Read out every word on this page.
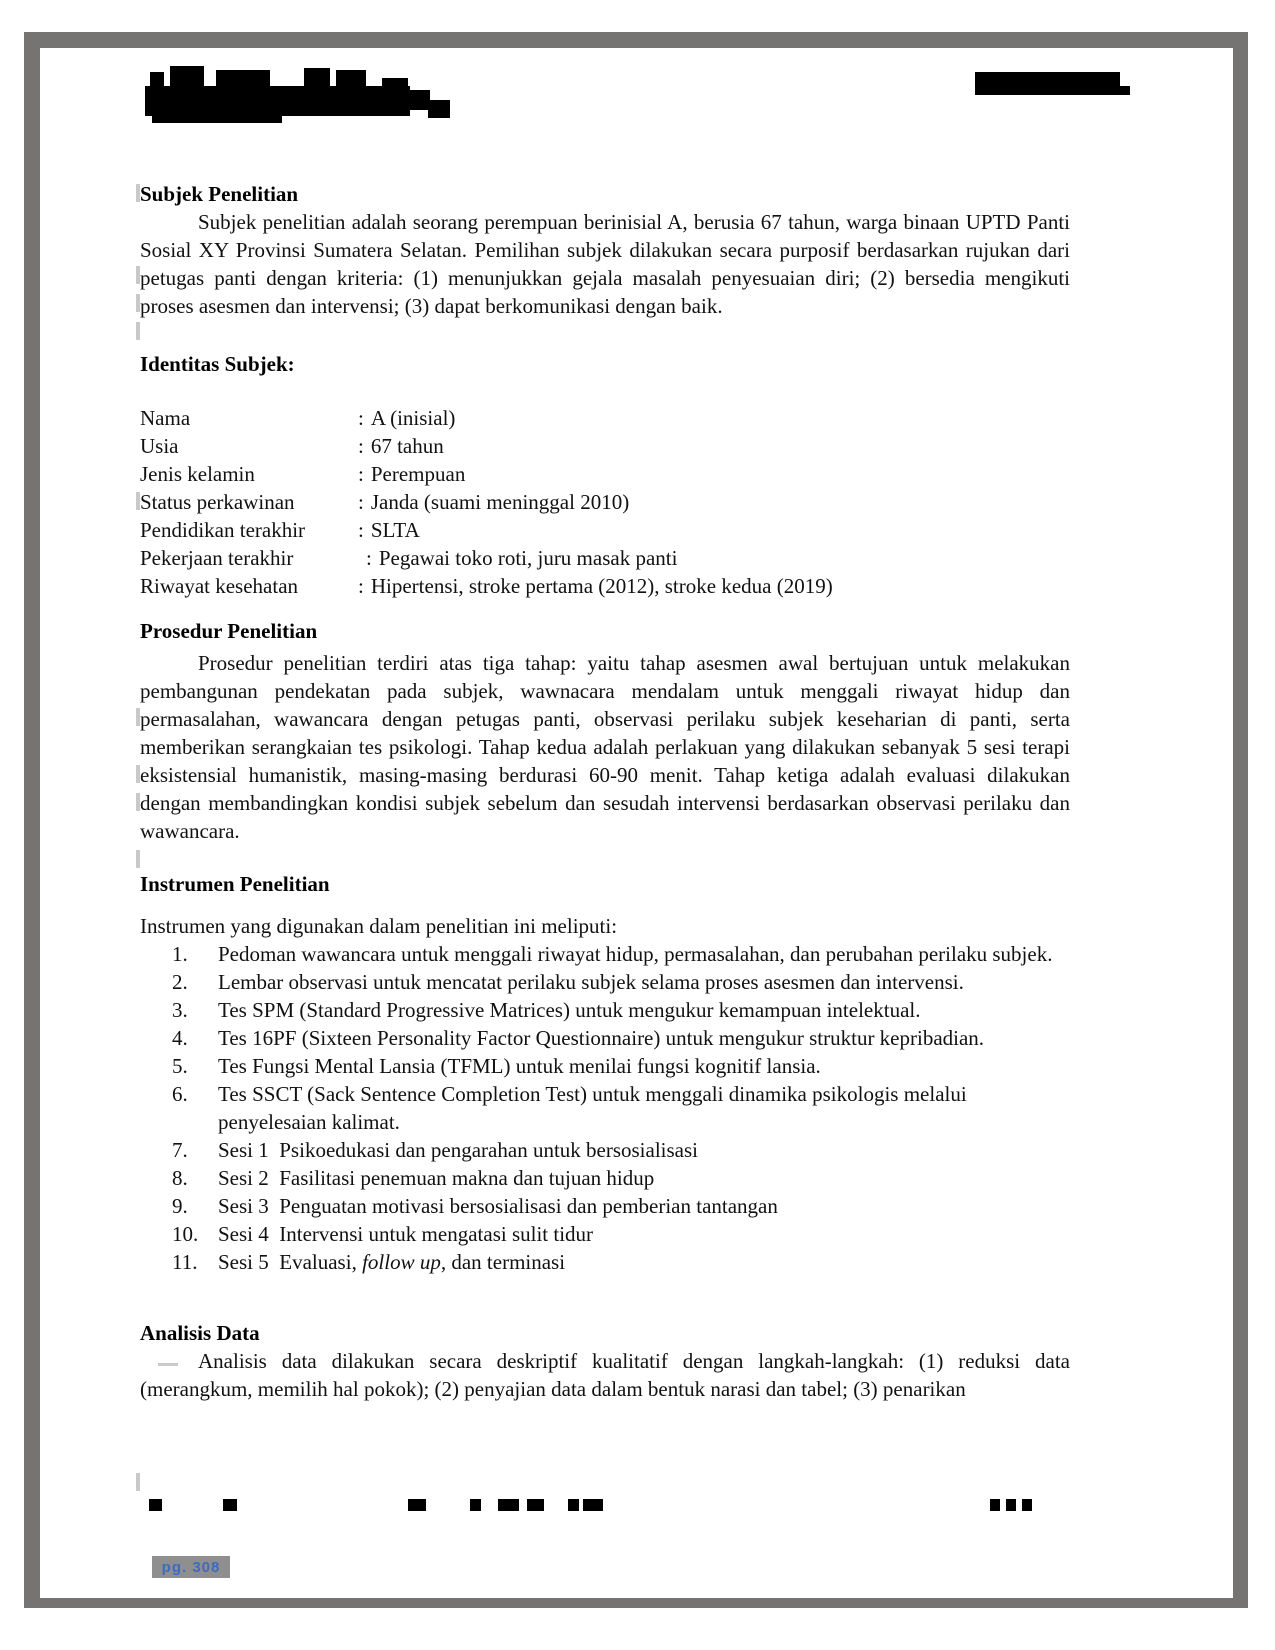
Subjek Penelitian

Subjek penelitian adalah seorang perempuan berinisial A, berusia 67 tahun, warga binaan UPTD Panti Sosial XY Provinsi Sumatera Selatan. Pemilihan subjek dilakukan secara purposif berdasarkan rujukan dari petugas panti dengan kriteria: (1) menunjukkan gejala masalah penyesuaian diri; (2) bersedia mengikuti proses asesmen dan intervensi; (3) dapat berkomunikasi dengan baik.

Identitas Subjek:
Nama	: A (inisial)
Usia	: 67 tahun
Jenis kelamin	: Perempuan
Status perkawinan	: Janda (suami meninggal 2010)
Pendidikan terakhir	: SLTA
Pekerjaan terakhir	: Pegawai toko roti, juru masak panti
Riwayat kesehatan	: Hipertensi, stroke pertama (2012), stroke kedua (2019)
Prosedur Penelitian

Prosedur penelitian terdiri atas tiga tahap: yaitu tahap asesmen awal bertujuan untuk melakukan pembangunan pendekatan pada subjek, wawnacara mendalam untuk menggali riwayat hidup dan permasalahan, wawancara dengan petugas panti, observasi perilaku subjek keseharian di panti, serta memberikan serangkaian tes psikologi. Tahap kedua adalah perlakuan yang dilakukan sebanyak 5 sesi terapi eksistensial humanistik, masing-masing berdurasi 60-90 menit. Tahap ketiga adalah evaluasi dilakukan dengan membandingkan kondisi subjek sebelum dan sesudah intervensi berdasarkan observasi perilaku dan wawancara.

Instrumen Penelitian

Instrumen yang digunakan dalam penelitian ini meliputi:

1.	Pedoman wawancara untuk menggali riwayat hidup, permasalahan, dan perubahan perilaku subjek.
2.	Lembar observasi untuk mencatat perilaku subjek selama proses asesmen dan intervensi.
3.	Tes SPM (Standard Progressive Matrices) untuk mengukur kemampuan intelektual.
4.	Tes 16PF (Sixteen Personality Factor Questionnaire) untuk mengukur struktur kepribadian.
5.	Tes Fungsi Mental Lansia (TFML) untuk menilai fungsi kognitif lansia.
6.	Tes SSCT (Sack Sentence Completion Test) untuk menggali dinamika psikologis melalui penyelesaian kalimat.
7.	Sesi 1  Psikoedukasi dan pengarahan untuk bersosialisasi
8.	Sesi 2  Fasilitasi penemuan makna dan tujuan hidup
9.	Sesi 3  Penguatan motivasi bersosialisasi dan pemberian tantangan
10. Sesi 4  Intervensi untuk mengatasi sulit tidur
11. Sesi 5  Evaluasi, follow up, dan terminasi
Analisis Data

Analisis data dilakukan secara deskriptif kualitatif dengan langkah-langkah: (1) reduksi data (merangkum, memilih hal pokok); (2) penyajian data dalam bentuk narasi dan tabel; (3) penarikan

pg. 308
